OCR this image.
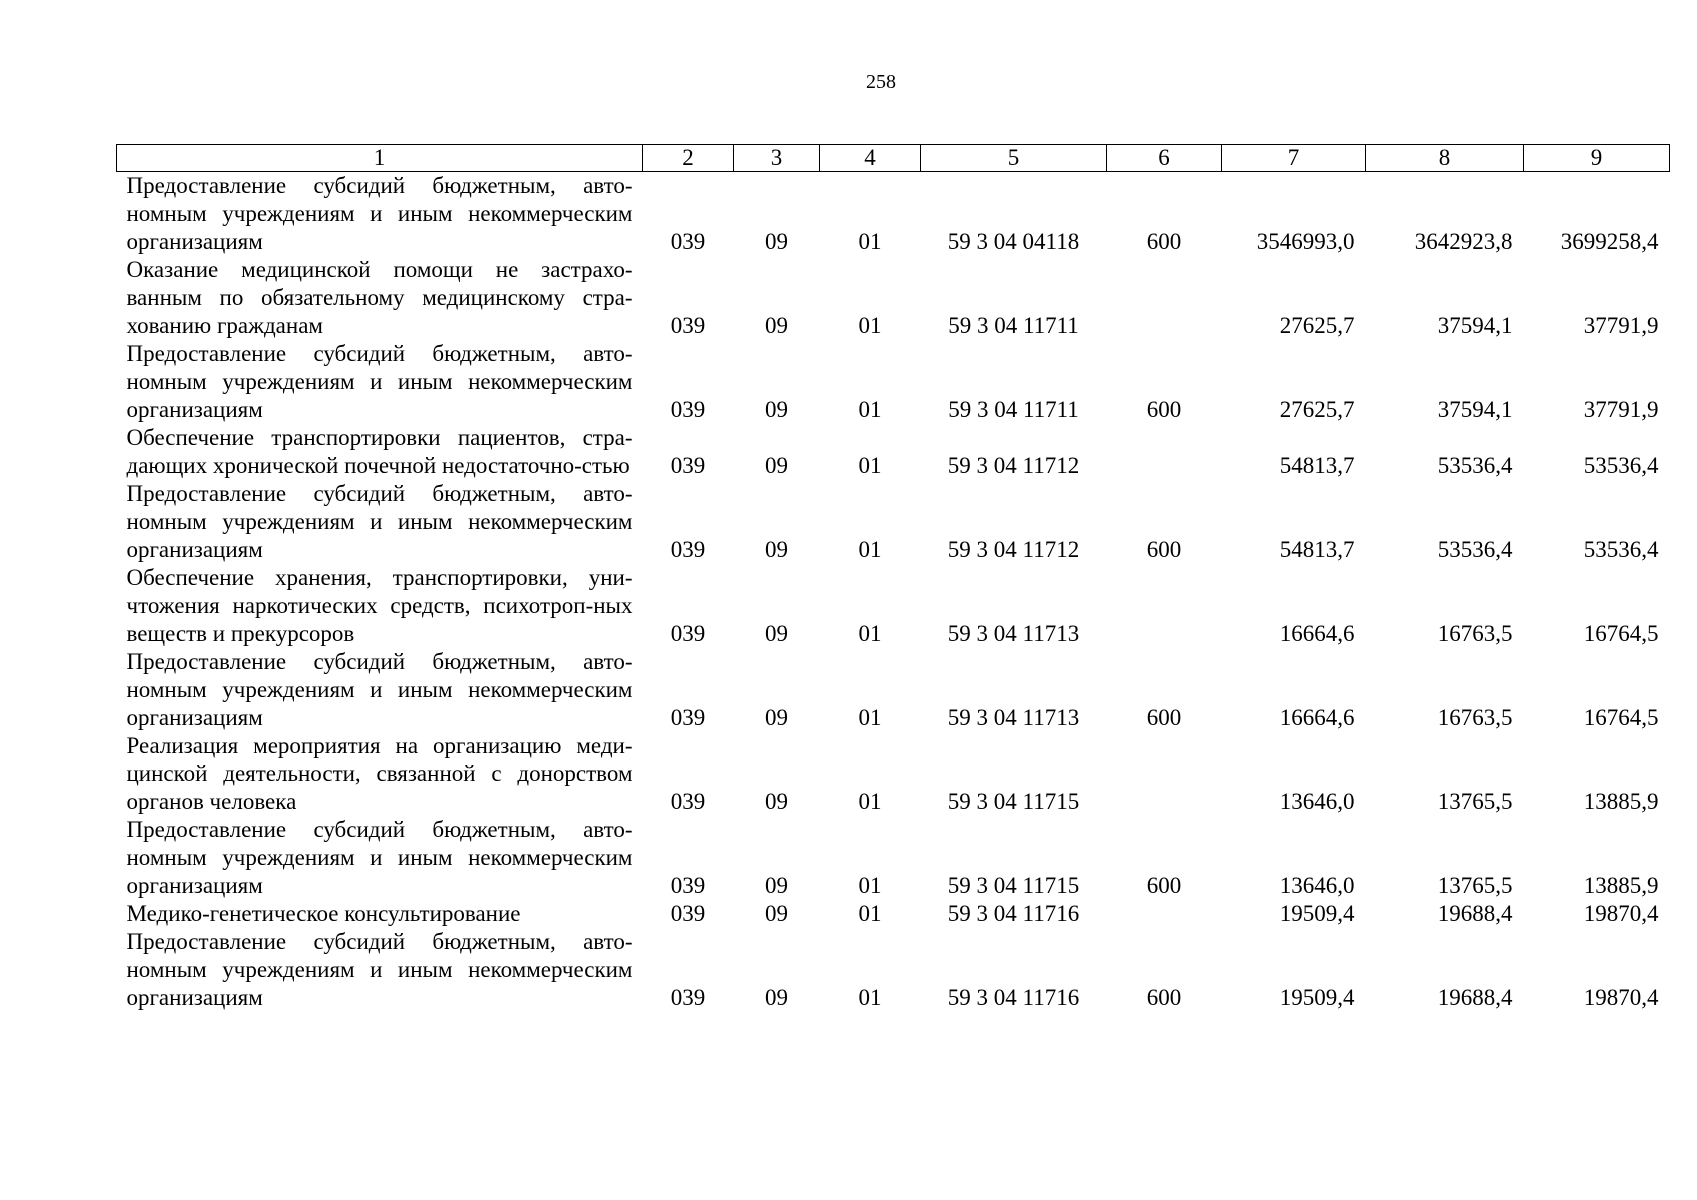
258
1	2	3	4	5	6	7	8	9
Предоставление субсидий бюджетным, авто-номным учреждениям и иным некоммерческим организациям	039	09	01	59 3 04 04118	600	3546993,0	3642923,8	3699258,4
Оказание медицинской помощи не застрахо-ванным по обязательному медицинскому стра-хованию гражданам	039	09	01	59 3 04 11711		27625,7	37594,1	37791,9
Предоставление субсидий бюджетным, авто-номным учреждениям и иным некоммерческим организациям	039	09	01	59 3 04 11711	600	27625,7	37594,1	37791,9
Обеспечение транспортировки пациентов, стра-дающих хронической почечной недостаточно-стью	039	09	01	59 3 04 11712		54813,7	53536,4	53536,4
Предоставление субсидий бюджетным, авто-номным учреждениям и иным некоммерческим организациям	039	09	01	59 3 04 11712	600	54813,7	53536,4	53536,4
Обеспечение хранения, транспортировки, уни-чтожения наркотических средств, психотроп-ных веществ и прекурсоров	039	09	01	59 3 04 11713		16664,6	16763,5	16764,5
Предоставление субсидий бюджетным, авто-номным учреждениям и иным некоммерческим организациям	039	09	01	59 3 04 11713	600	16664,6	16763,5	16764,5
Реализация мероприятия на организацию меди-цинской деятельности, связанной с донорством органов человека	039	09	01	59 3 04 11715		13646,0	13765,5	13885,9
Предоставление субсидий бюджетным, авто-номным учреждениям и иным некоммерческим организациям	039	09	01	59 3 04 11715	600	13646,0	13765,5	13885,9
Медико-генетическое консультирование	039	09	01	59 3 04 11716		19509,4	19688,4	19870,4
Предоставление субсидий бюджетным, авто-номным учреждениям и иным некоммерческим организациям	039	09	01	59 3 04 11716	600	19509,4	19688,4	19870,4
